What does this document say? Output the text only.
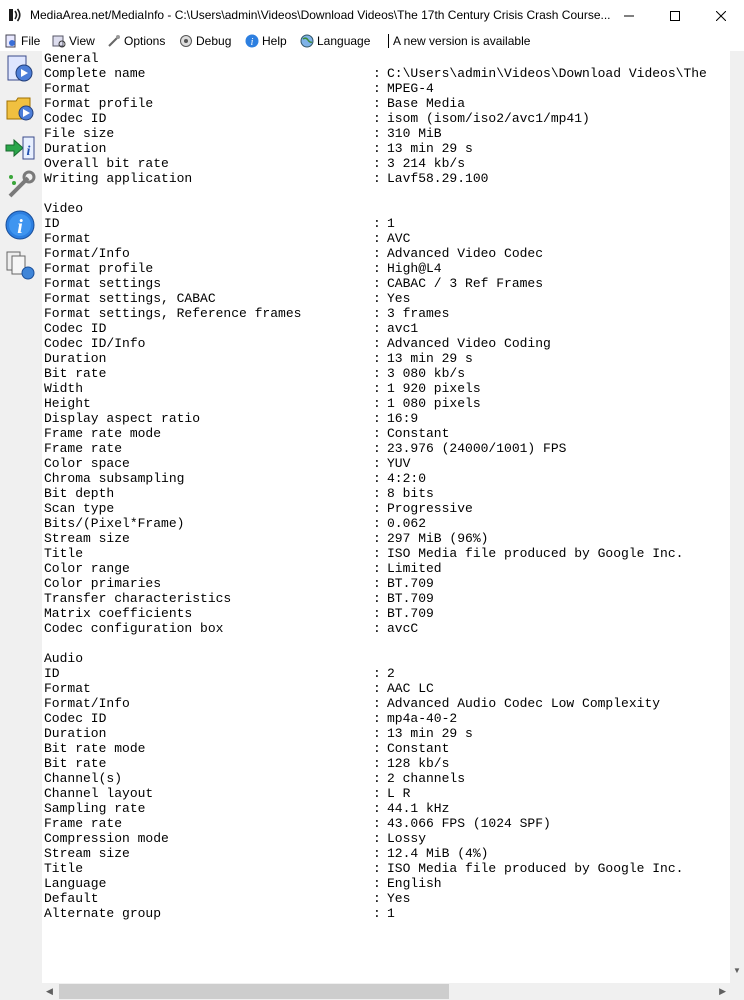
MediaArea.net/MediaInfo - C:\Users\admin\Videos\Download Videos\The 17th Century Crisis Crash Course...
File View Options	Debug i Help	Language A new version is available
i
i
General
Complete name	: C:\Users\admin\Videos\Download Videos\The
Format	: MPEG-4
Format profile	: Base Media
Codec ID	: isom (isom/iso2/avc1/mp41)
File size	: 310 MiB
Duration	: 13 min 29 s
Overall bit rate	: 3 214 kb/s
Writing application	: Lavf58.29.100
Video
ID	: 1
Format	: AVC
Format/Info	: Advanced Video Codec
Format profile	: High@L4
Format settings	: CABAC / 3 Ref Frames
Format settings, CABAC	: Yes
Format settings, Reference frames	: 3 frames
Codec ID	: avc1
Codec ID/Info	: Advanced Video Coding
Duration	: 13 min 29 s
Bit rate	: 3 080 kb/s
Width	: 1 920 pixels
Height	: 1 080 pixels
Display aspect ratio	: 16:9
Frame rate mode	: Constant
Frame rate	: 23.976 (24000/1001) FPS
Color space	: YUV
Chroma subsampling	: 4:2:0
Bit depth	: 8 bits
Scan type	: Progressive
Bits/(Pixel*Frame)	: 0.062
Stream size	: 297 MiB (96%)
Title	: ISO Media file produced by Google Inc.
Color range	: Limited
Color primaries	: BT.709
Transfer characteristics	: BT.709
Matrix coefficients	: BT.709
Codec configuration box	: avcC
Audio
ID	: 2
Format	: AAC LC
Format/Info	: Advanced Audio Codec Low Complexity
Codec ID	: mp4a-40-2
Duration	: 13 min 29 s
Bit rate mode	: Constant
Bit rate	: 128 kb/s
Channel(s)	: 2 channels
Channel layout	: L R
Sampling rate	: 44.1 kHz
Frame rate	: 43.066 FPS (1024 SPF)
Compression mode	: Lossy
Stream size	: 12.4 MiB (4%)
Title	: ISO Media file produced by Google Inc.
Language	: English
Default	: Yes
Alternate group	: 1
▼
◀	▶
